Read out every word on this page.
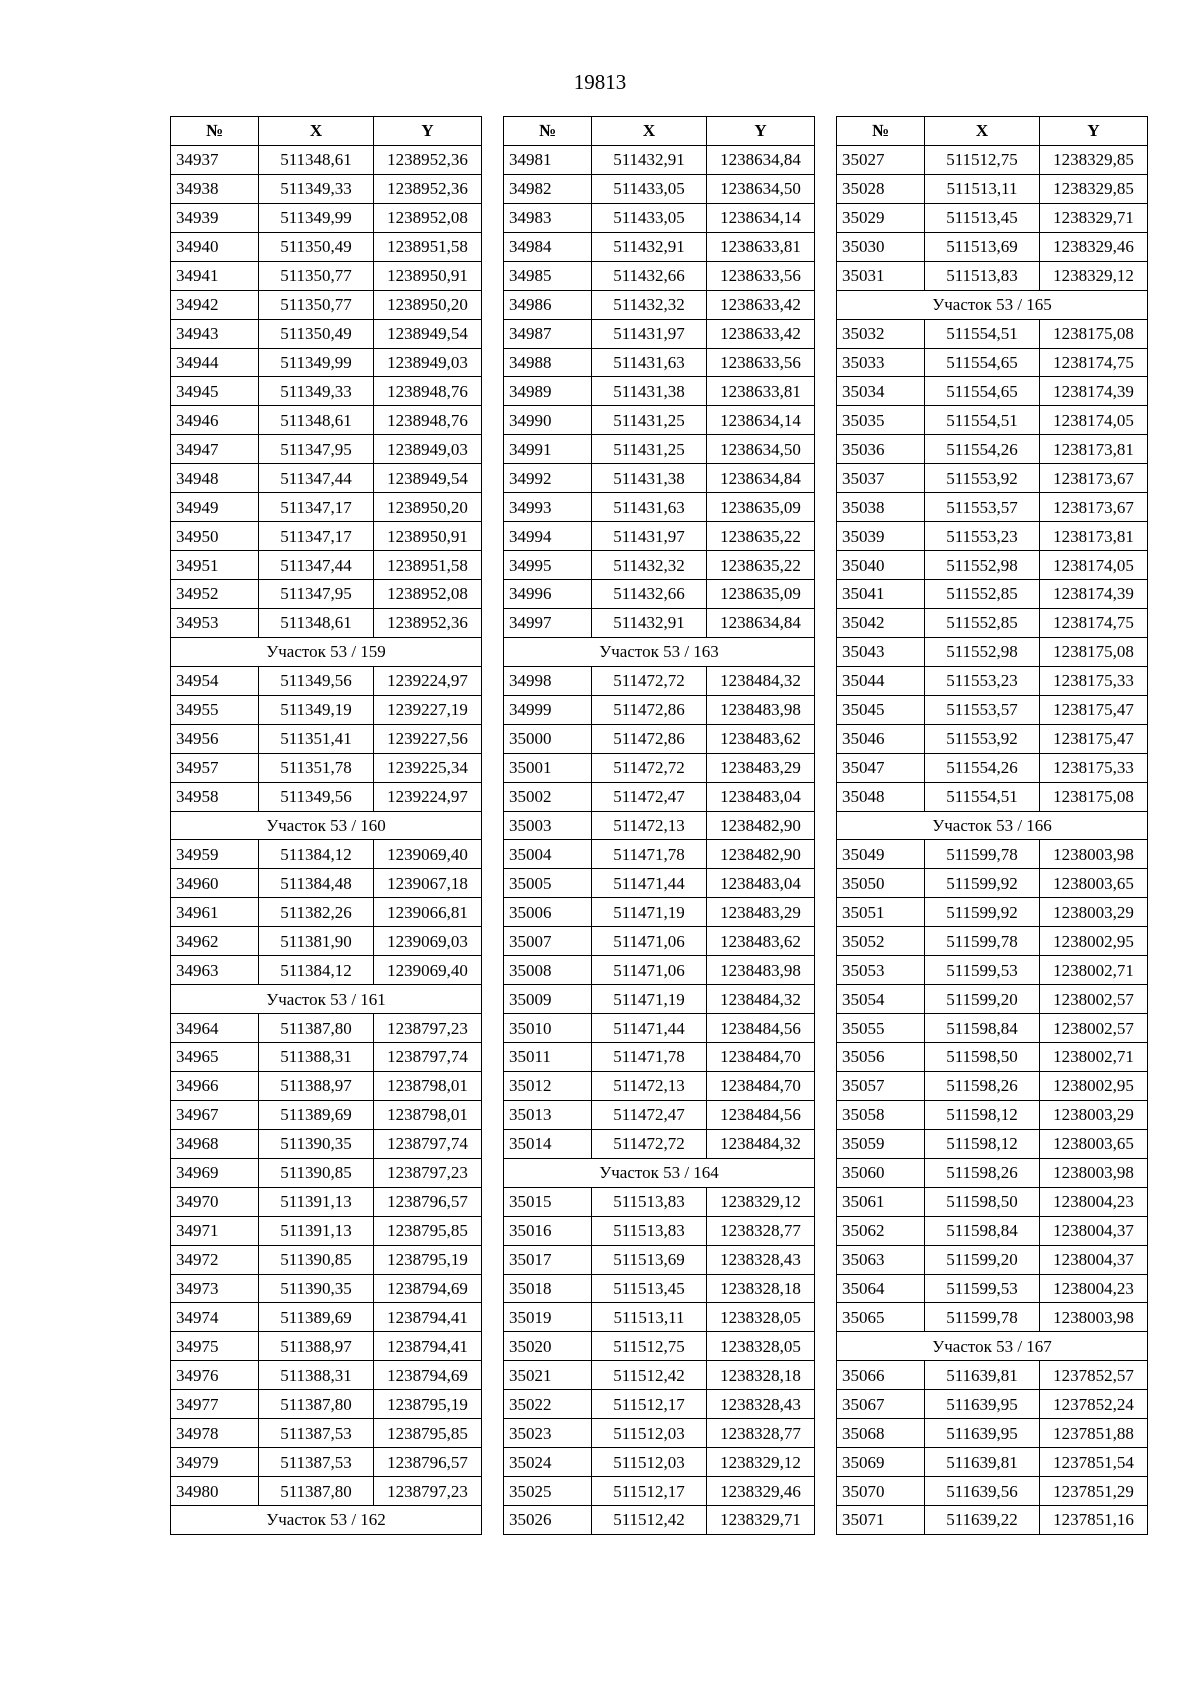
19813
№	X	Y
34937	511348,61	1238952,36
34938	511349,33	1238952,36
34939	511349,99	1238952,08
34940	511350,49	1238951,58
34941	511350,77	1238950,91
34942	511350,77	1238950,20
34943	511350,49	1238949,54
34944	511349,99	1238949,03
34945	511349,33	1238948,76
34946	511348,61	1238948,76
34947	511347,95	1238949,03
34948	511347,44	1238949,54
34949	511347,17	1238950,20
34950	511347,17	1238950,91
34951	511347,44	1238951,58
34952	511347,95	1238952,08
34953	511348,61	1238952,36
Участок 53 / 159		
34954	511349,56	1239224,97
34955	511349,19	1239227,19
34956	511351,41	1239227,56
34957	511351,78	1239225,34
34958	511349,56	1239224,97
Участок 53 / 160		
34959	511384,12	1239069,40
34960	511384,48	1239067,18
34961	511382,26	1239066,81
34962	511381,90	1239069,03
34963	511384,12	1239069,40
Участок 53 / 161		
34964	511387,80	1238797,23
34965	511388,31	1238797,74
34966	511388,97	1238798,01
34967	511389,69	1238798,01
34968	511390,35	1238797,74
34969	511390,85	1238797,23
34970	511391,13	1238796,57
34971	511391,13	1238795,85
34972	511390,85	1238795,19
34973	511390,35	1238794,69
34974	511389,69	1238794,41
34975	511388,97	1238794,41
34976	511388,31	1238794,69
34977	511387,80	1238795,19
34978	511387,53	1238795,85
34979	511387,53	1238796,57
34980	511387,80	1238797,23
Участок 53 / 162		
№	X	Y
34981	511432,91	1238634,84
34982	511433,05	1238634,50
34983	511433,05	1238634,14
34984	511432,91	1238633,81
34985	511432,66	1238633,56
34986	511432,32	1238633,42
34987	511431,97	1238633,42
34988	511431,63	1238633,56
34989	511431,38	1238633,81
34990	511431,25	1238634,14
34991	511431,25	1238634,50
34992	511431,38	1238634,84
34993	511431,63	1238635,09
34994	511431,97	1238635,22
34995	511432,32	1238635,22
34996	511432,66	1238635,09
34997	511432,91	1238634,84
Участок 53 / 163		
34998	511472,72	1238484,32
34999	511472,86	1238483,98
35000	511472,86	1238483,62
35001	511472,72	1238483,29
35002	511472,47	1238483,04
35003	511472,13	1238482,90
35004	511471,78	1238482,90
35005	511471,44	1238483,04
35006	511471,19	1238483,29
35007	511471,06	1238483,62
35008	511471,06	1238483,98
35009	511471,19	1238484,32
35010	511471,44	1238484,56
35011	511471,78	1238484,70
35012	511472,13	1238484,70
35013	511472,47	1238484,56
35014	511472,72	1238484,32
Участок 53 / 164		
35015	511513,83	1238329,12
35016	511513,83	1238328,77
35017	511513,69	1238328,43
35018	511513,45	1238328,18
35019	511513,11	1238328,05
35020	511512,75	1238328,05
35021	511512,42	1238328,18
35022	511512,17	1238328,43
35023	511512,03	1238328,77
35024	511512,03	1238329,12
35025	511512,17	1238329,46
35026	511512,42	1238329,71
№	X	Y
35027	511512,75	1238329,85
35028	511513,11	1238329,85
35029	511513,45	1238329,71
35030	511513,69	1238329,46
35031	511513,83	1238329,12
Участок 53 / 165		
35032	511554,51	1238175,08
35033	511554,65	1238174,75
35034	511554,65	1238174,39
35035	511554,51	1238174,05
35036	511554,26	1238173,81
35037	511553,92	1238173,67
35038	511553,57	1238173,67
35039	511553,23	1238173,81
35040	511552,98	1238174,05
35041	511552,85	1238174,39
35042	511552,85	1238174,75
35043	511552,98	1238175,08
35044	511553,23	1238175,33
35045	511553,57	1238175,47
35046	511553,92	1238175,47
35047	511554,26	1238175,33
35048	511554,51	1238175,08
Участок 53 / 166		
35049	511599,78	1238003,98
35050	511599,92	1238003,65
35051	511599,92	1238003,29
35052	511599,78	1238002,95
35053	511599,53	1238002,71
35054	511599,20	1238002,57
35055	511598,84	1238002,57
35056	511598,50	1238002,71
35057	511598,26	1238002,95
35058	511598,12	1238003,29
35059	511598,12	1238003,65
35060	511598,26	1238003,98
35061	511598,50	1238004,23
35062	511598,84	1238004,37
35063	511599,20	1238004,37
35064	511599,53	1238004,23
35065	511599,78	1238003,98
Участок 53 / 167		
35066	511639,81	1237852,57
35067	511639,95	1237852,24
35068	511639,95	1237851,88
35069	511639,81	1237851,54
35070	511639,56	1237851,29
35071	511639,22	1237851,16
